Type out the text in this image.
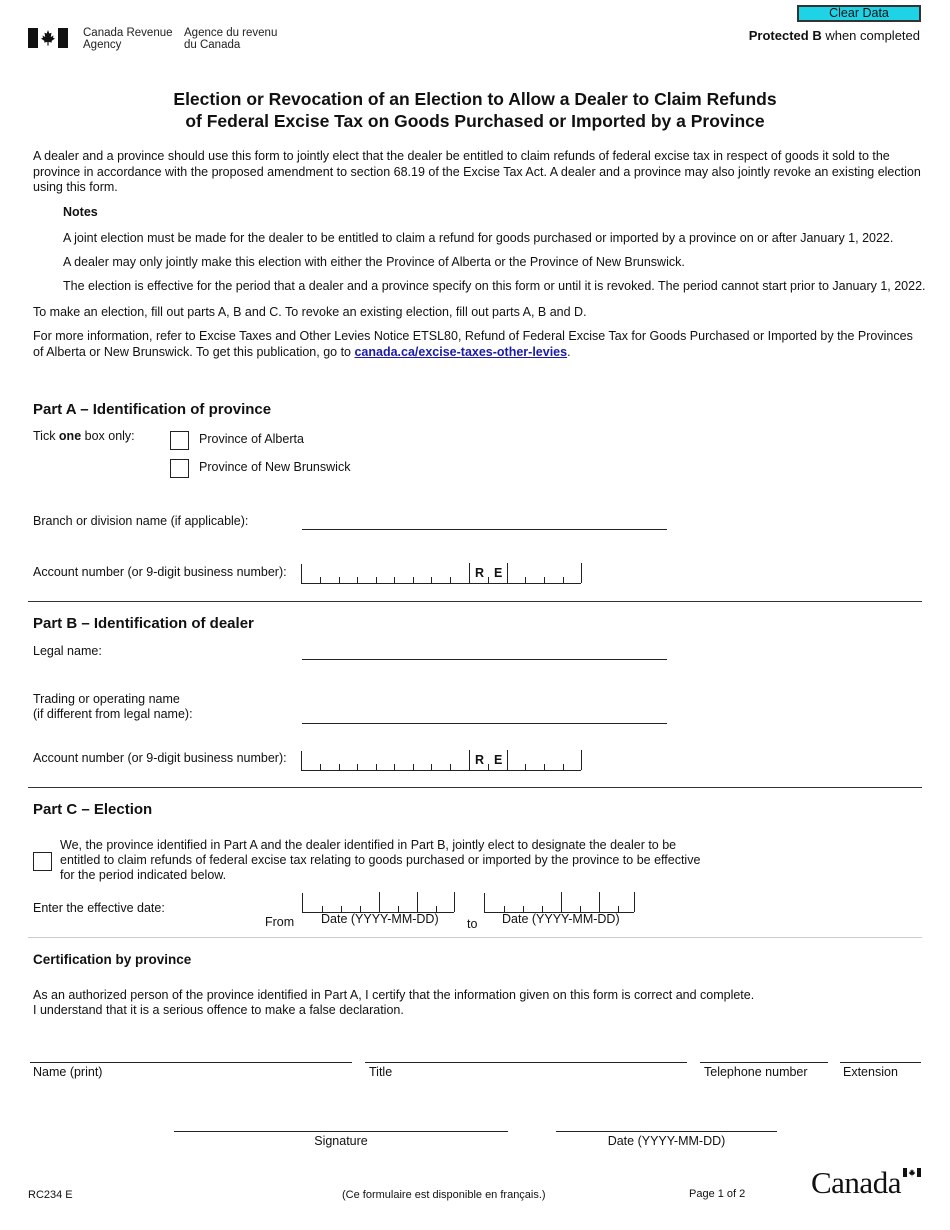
Canada Revenue
Agency
Agence du revenu
du Canada
Clear Data
Protected B when completed
Election or Revocation of an Election to Allow a Dealer to Claim Refunds
of Federal Excise Tax on Goods Purchased or Imported by a Province
A dealer and a province should use this form to jointly elect that the dealer be entitled to claim refunds of federal excise tax in respect of goods it sold to the province in accordance with the proposed amendment to section 68.19 of the Excise Tax Act. A dealer and a province may also jointly revoke an existing election using this form.
Notes
A joint election must be made for the dealer to be entitled to claim a refund for goods purchased or imported by a province on or after January 1, 2022.
A dealer may only jointly make this election with either the Province of Alberta or the Province of New Brunswick.
The election is effective for the period that a dealer and a province specify on this form or until it is revoked. The period cannot start prior to January 1, 2022.
To make an election, fill out parts A, B and C. To revoke an existing election, fill out parts A, B and D.
For more information, refer to Excise Taxes and Other Levies Notice ETSL80, Refund of Federal Excise Tax for Goods Purchased or Imported by the Provinces of Alberta or New Brunswick. To get this publication, go to canada.ca/excise-taxes-other-levies.
Part A – Identification of province
Tick one box only:	Province of Alberta
Province of New Brunswick
Branch or division name (if applicable):
Account number (or 9-digit business number):	R E
Part B – Identification of dealer
Legal name:
Trading or operating name
(if different from legal name):
Account number (or 9-digit business number):	R E
Part C – Election
We, the province identified in Part A and the dealer identified in Part B, jointly elect to designate the dealer to be
entitled to claim refunds of federal excise tax relating to goods purchased or imported by the province to be effective
for the period indicated below.
Enter the effective date:
From Date (YYYY-MM-DD) to Date (YYYY-MM-DD)
Certification by province
As an authorized person of the province identified in Part A, I certify that the information given on this form is correct and complete.
I understand that it is a serious offence to make a false declaration.
Name (print)	Title	Telephone number	Extension
Signature	Date (YYYY-MM-DD)
RC234 E	(Ce formulaire est disponible en français.)	Page 1 of 2 Canada
